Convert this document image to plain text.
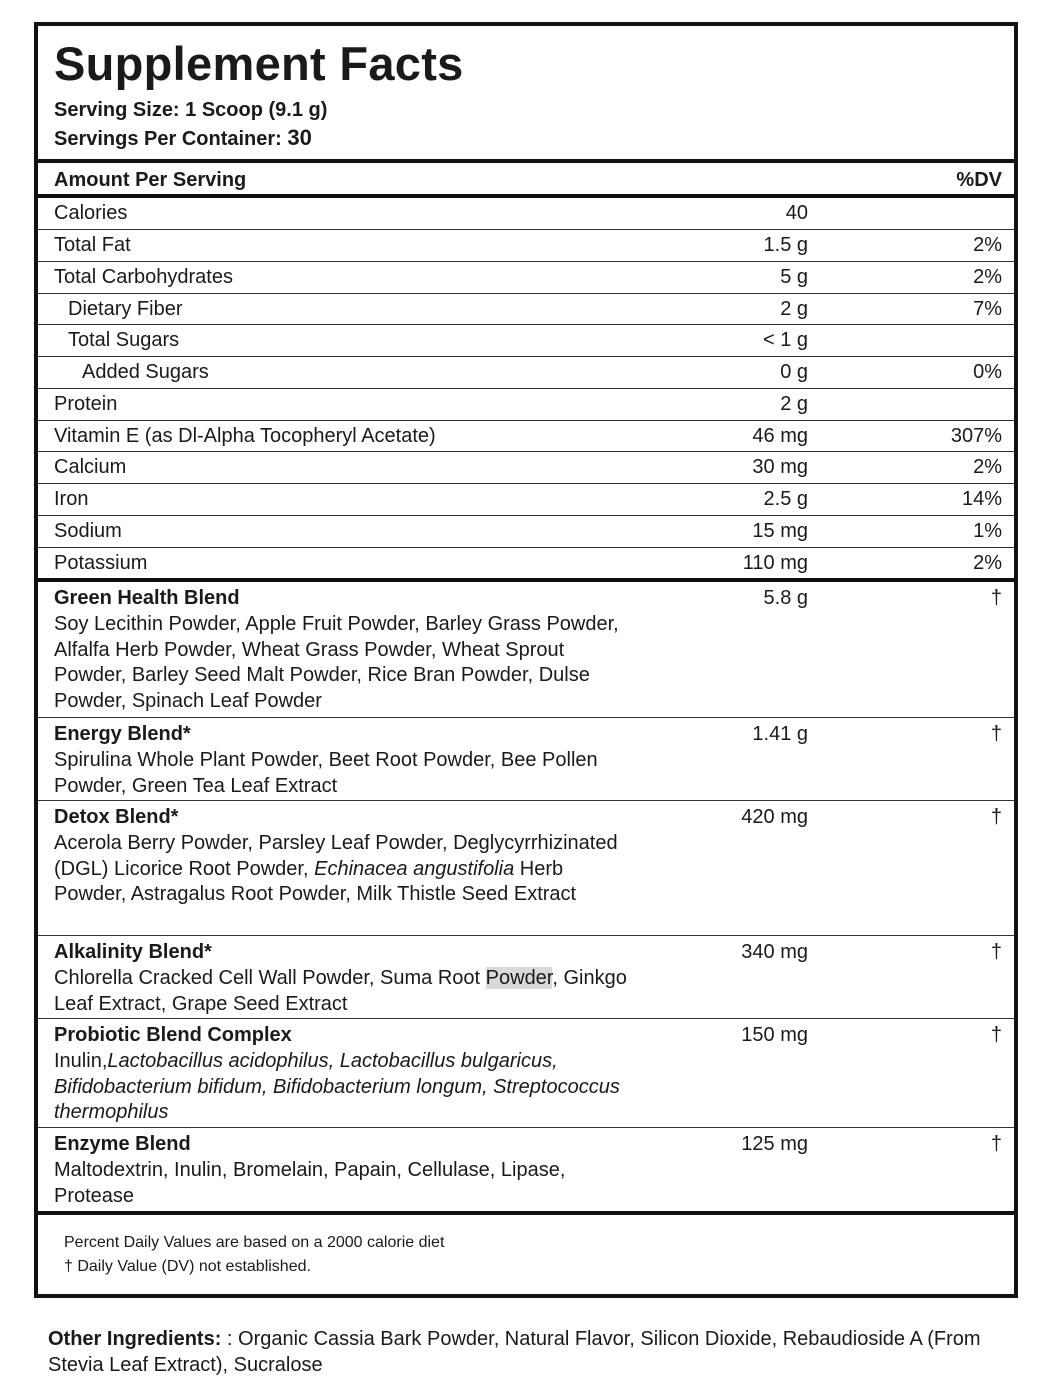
Supplement Facts
Serving Size: 1 Scoop (9.1 g)
Servings Per Container: 30
Amount Per Serving	%DV
Calories	40
Total Fat	1.5 g	2%
Total Carbohydrates	5 g	2%
Dietary Fiber	2 g	7%
Total Sugars	< 1 g
Added Sugars	0 g	0%
Protein	2 g
Vitamin E (as Dl-Alpha Tocopheryl Acetate)	46 mg	307%
Calcium	30 mg	2%
Iron	2.5 g	14%
Sodium	15 mg	1%
Potassium	110 mg	2%
Green Health Blend	5.8 g	†
Soy Lecithin Powder, Apple Fruit Powder, Barley Grass Powder, Alfalfa Herb Powder, Wheat Grass Powder, Wheat Sprout Powder, Barley Seed Malt Powder, Rice Bran Powder, Dulse Powder, Spinach Leaf Powder
Energy Blend*	1.41 g	†
Spirulina Whole Plant Powder, Beet Root Powder, Bee Pollen Powder, Green Tea Leaf Extract
Detox Blend*	420 mg	†
Acerola Berry Powder, Parsley Leaf Powder, Deglycyrrhizinated (DGL) Licorice Root Powder, Echinacea angustifolia Herb Powder, Astragalus Root Powder, Milk Thistle Seed Extract
Alkalinity Blend*	340 mg	†
Chlorella Cracked Cell Wall Powder, Suma Root Powder, Ginkgo Leaf Extract, Grape Seed Extract
Probiotic Blend Complex	150 mg	†
Inulin,Lactobacillus acidophilus, Lactobacillus bulgaricus, Bifidobacterium bifidum, Bifidobacterium longum, Streptococcus thermophilus
Enzyme Blend	125 mg	†
Maltodextrin, Inulin, Bromelain, Papain, Cellulase, Lipase, Protease
Percent Daily Values are based on a 2000 calorie diet
† Daily Value (DV) not established.
Other Ingredients: : Organic Cassia Bark Powder, Natural Flavor, Silicon Dioxide, Rebaudioside A (From Stevia Leaf Extract), Sucralose
